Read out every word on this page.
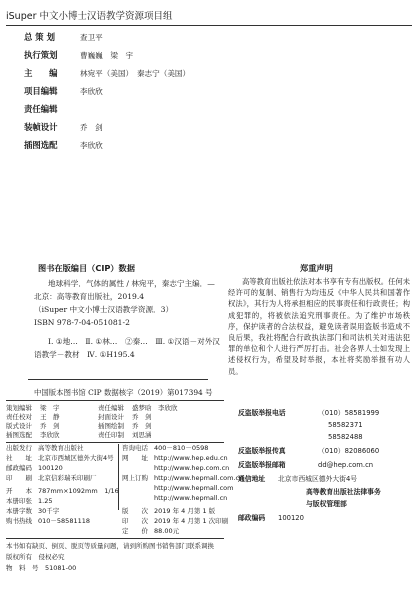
iSuper 中文小博士汉语教学资源项目组
总 策 划	查卫平
执行策划	曹巍巍　梁　宇
主　　编	林宛平（美国）　秦志宁（美国）
项目编辑	李欣欣
责任编辑
装帧设计	乔　剑
插图选配	李欣欣
图书在版编目（CIP）数据
地球科学．气体的属性 / 林宛平，秦志宁主编．—
北京：高等教育出版社，2019.4
（iSuper 中文小博士汉语教学资源．3）
ISBN 978-7-04-051081-2
Ⅰ. ①地…　Ⅱ. ①林…　②秦…　Ⅲ. ①汉语－对外汉
语教学－教材　Ⅳ. ①H195.4
中国版本图书馆 CIP 数据核字（2019）第017394 号
郑重声明
高等教育出版社依法对本书享有专有出版权。任何未经许可的复制、销售行为均违反《中华人民共和国著作权法》，其行为人将承担相应的民事责任和行政责任；构成犯罪的，将被依法追究刑事责任。为了维护市场秩序，保护读者的合法权益，避免读者误用盗版书造成不良后果，我社将配合行政执法部门和司法机关对违法犯罪的单位和个人进行严厉打击。社会各界人士如发现上述侵权行为，希望及时举报，本社将奖励举报有功人员。
反盗版举报电话	（010）58581999
58582371
58582488
反盗版举报传真	（010）82086060
反盗版举报邮箱	dd@hep.com.cn
通信地址 北京市西城区德外大街4号
高等教育出版社法律事务
与版权管理部
邮政编码 100120
策划编辑 梁　宇
责任校对 王　静
版式设计 乔　剑
插图选配 李欣欣
责任编辑 盛梦晗　李欣欣
封面设计 乔　剑
插图绘制 乔　剑
责任印制 刘思涵
出版发行 高等教育出版社
社　　址 北京市西城区德外大街4号
邮政编码 100120
印　　刷 北京信彩瑞禾印刷厂
开　　本 787mm×1092mm　1/16
本册印张 1.25
本册字数 30千字
购书热线 010－58581118
咨询电话 400－810－0598
网　　址 http://www.hep.edu.cn
http://www.hep.com.cn
网上订购 http://www.hepmall.com.cn
http://www.hepmall.com
http://www.hepmall.cn
版　　次 2019 年 4 月第 1 版
印　　次 2019 年 4 月第 1 次印刷
定　　价 88.00元
本书如有缺页、倒页、脱页等质量问题，请到所购图书销售部门联系调换
版权所有　侵权必究
物　料　号　51081-00
